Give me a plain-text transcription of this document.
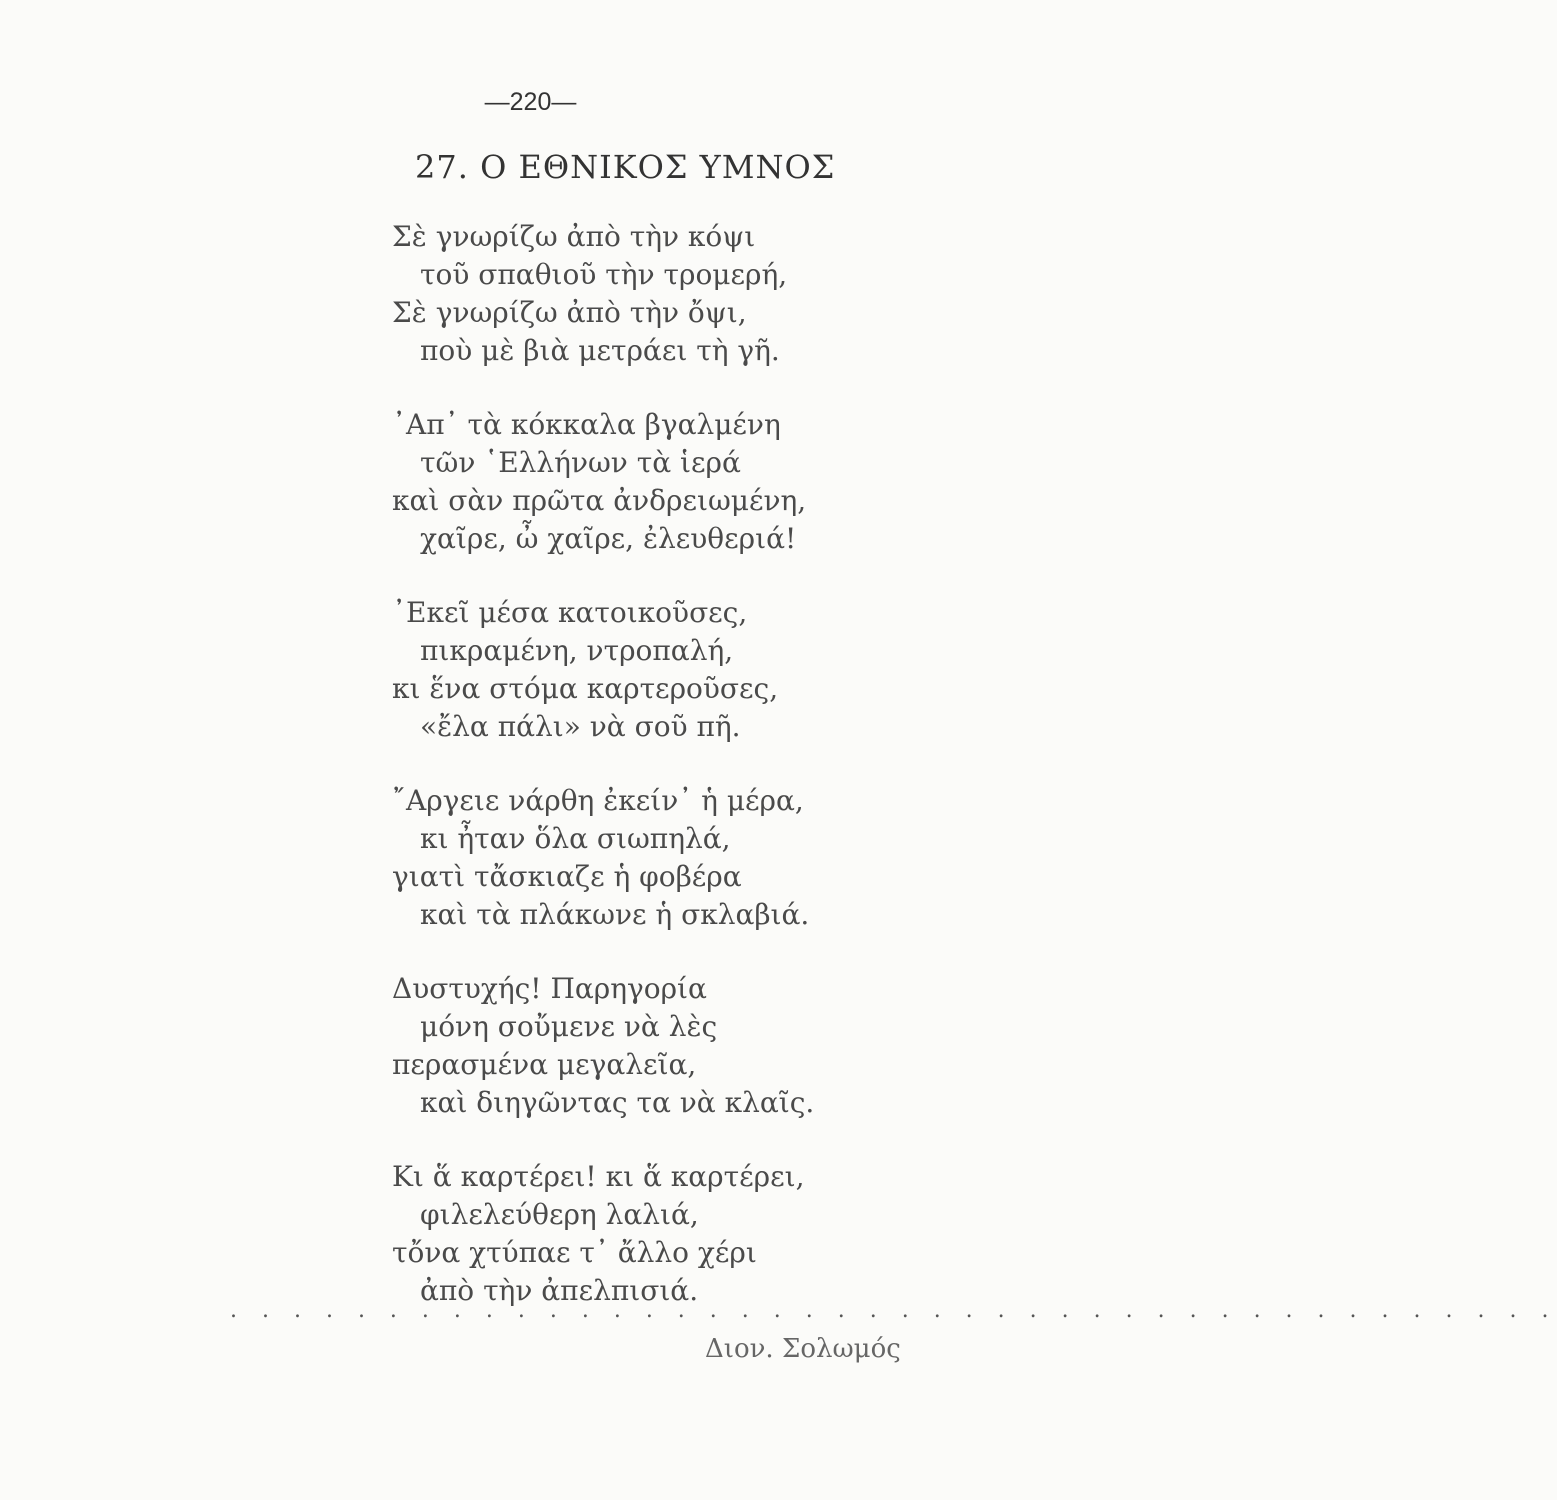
—220—
27. Ο ΕΘΝΙΚΟΣ ΥΜΝΟΣ
Σὲ γνωρίζω ἀπὸ τὴν κόψι
τοῦ σπαθιοῦ τὴν τρομερή,
Σὲ γνωρίζω ἀπὸ τὴν ὄψι,
ποὺ μὲ βιὰ μετράει τὴ γῆ.
᾿Απ᾿ τὰ κόκκαλα βγαλμένη
τῶν ῾Ελλήνων τὰ ἱερά
καὶ σὰν πρῶτα ἀνδρειωμένη,
χαῖρε, ὦ χαῖρε, ἐλευθεριά!
᾿Εκεῖ μέσα κατοικοῦσες,
πικραμένη, ντροπαλή,
κι ἕνα στόμα καρτεροῦσες,
«ἔλα πάλι» νὰ σοῦ πῆ.
῎Αργειε νάρθη ἐκείν᾿ ἡ μέρα,
κι ἦταν ὅλα σιωπηλά,
γιατὶ τἄσκιαζε ἡ φοβέρα
καὶ τὰ πλάκωνε ἡ σκλαβιά.
Δυστυχής! Παρηγορία
μόνη σοὔμενε νὰ λὲς
περασμένα μεγαλεῖα,
καὶ διηγῶντας τα νὰ κλαῖς.
Κι ἅ καρτέρει! κι ἅ καρτέρει,
φιλελεύθερη λαλιά,
τὄνα χτύπαε τ᾿ ἄλλο χέρι
ἀπὸ τὴν ἀπελπισιά.
. . . . . . . . . . . . . . . . . . . . . . . . . . . . . . . . . . . . . . . . . .
Διον. Σολωμός
